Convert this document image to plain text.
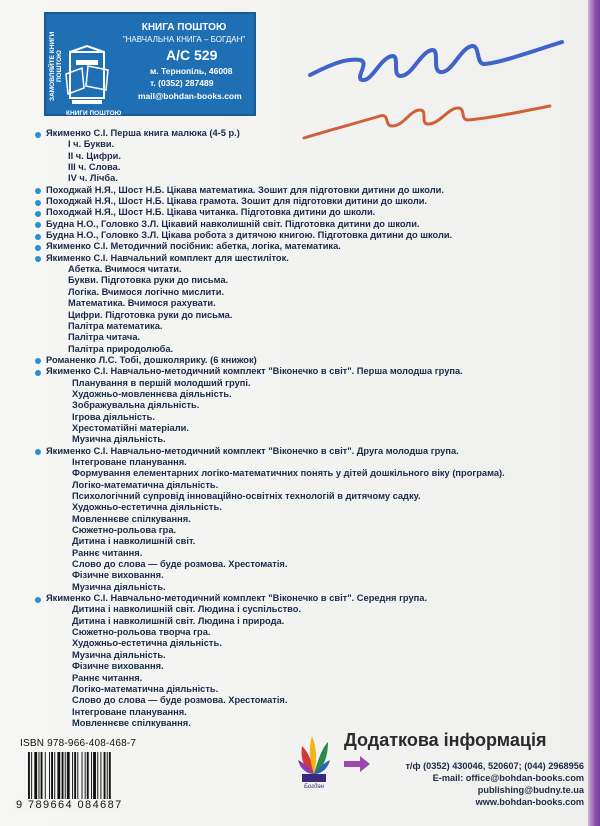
ЗАМОВЛЯЙТЕ КНИГИ ПОШТОЮ
КНИГИ ПОШТОЮ
КНИГА ПОШТОЮ
"НАВЧАЛЬНА КНИГА – БОГДАН"
А/С 529
м. Тернопіль, 46008
т. (0352) 287489
mail@bohdan-books.com
Якименко С.І. Перша книга малюка (4-5 р.)
І ч. Букви.
ІІ ч. Цифри.
ІІІ ч. Слова.
IV ч. Лічба.
Походжай Н.Я., Шост Н.Б. Цікава математика. Зошит для підготовки дитини до школи.
Походжай Н.Я., Шост Н.Б. Цікава грамота. Зошит для підготовки дитини до школи.
Походжай Н.Я., Шост Н.Б. Цікава читанка. Підготовка дитини до школи.
Будна Н.О., Головко З.Л. Цікавий навколишній світ. Підготовка дитини до школи.
Будна Н.О., Головко З.Л. Цікава робота з дитячою книгою. Підготовка дитини до школи.
Якименко С.І. Методичний посібник: абетка, логіка, математика.
Якименко С.І. Навчальний комплект для шестиліток.
Абетка. Вчимося читати.
Букви. Підготовка руки до письма.
Логіка. Вчимося логічно мислити.
Математика. Вчимося рахувати.
Цифри. Підготовка руки до письма.
Палітра математика.
Палітра читача.
Палітра природолюба.
Романенко Л.С. Тобі, дошколярику. (6 книжок)
Якименко С.І. Навчально-методичний комплект "Віконечко в світ". Перша молодша група.
Планування в першій молодший групі.
Художньо-мовленнєва діяльність.
Зображувальна діяльність.
Ігрова діяльність.
Хрестоматійні матеріали.
Музична діяльність.
Якименко С.І. Навчально-методичний комплект "Віконечко в світ". Друга молодша група.
Інтегроване планування.
Формування елементарних логіко-математичних понять у дітей дошкільного віку (програма).
Логіко-математична діяльність.
Психологічний супровід інноваційно-освітніх технологій в дитячому садку.
Художньо-естетична діяльність.
Мовленнєве спілкування.
Сюжетно-рольова гра.
Дитина і навколишній світ.
Раннє читання.
Слово до слова — буде розмова. Хрестоматія.
Фізичне виховання.
Музична діяльність.
Якименко С.І. Навчально-методичний комплект "Віконечко в світ". Середня група.
Дитина і навколишній світ. Людина і суспільство.
Дитина і навколишній світ. Людина і природа.
Сюжетно-рольова творча гра.
Художньо-естетична діяльність.
Музична діяльність.
Фізичне виховання.
Раннє читання.
Логіко-математична діяльність.
Слово до слова — буде розмова. Хрестоматія.
Інтегроване планування.
Мовленнєве спілкування.
ISBN 978-966-408-468-7
9 789664 084687
Богдан
Додаткова інформація
т/ф (0352) 430046, 520607; (044) 2968956
E-mail: office@bohdan-books.com
publishing@budny.te.ua
www.bohdan-books.com
